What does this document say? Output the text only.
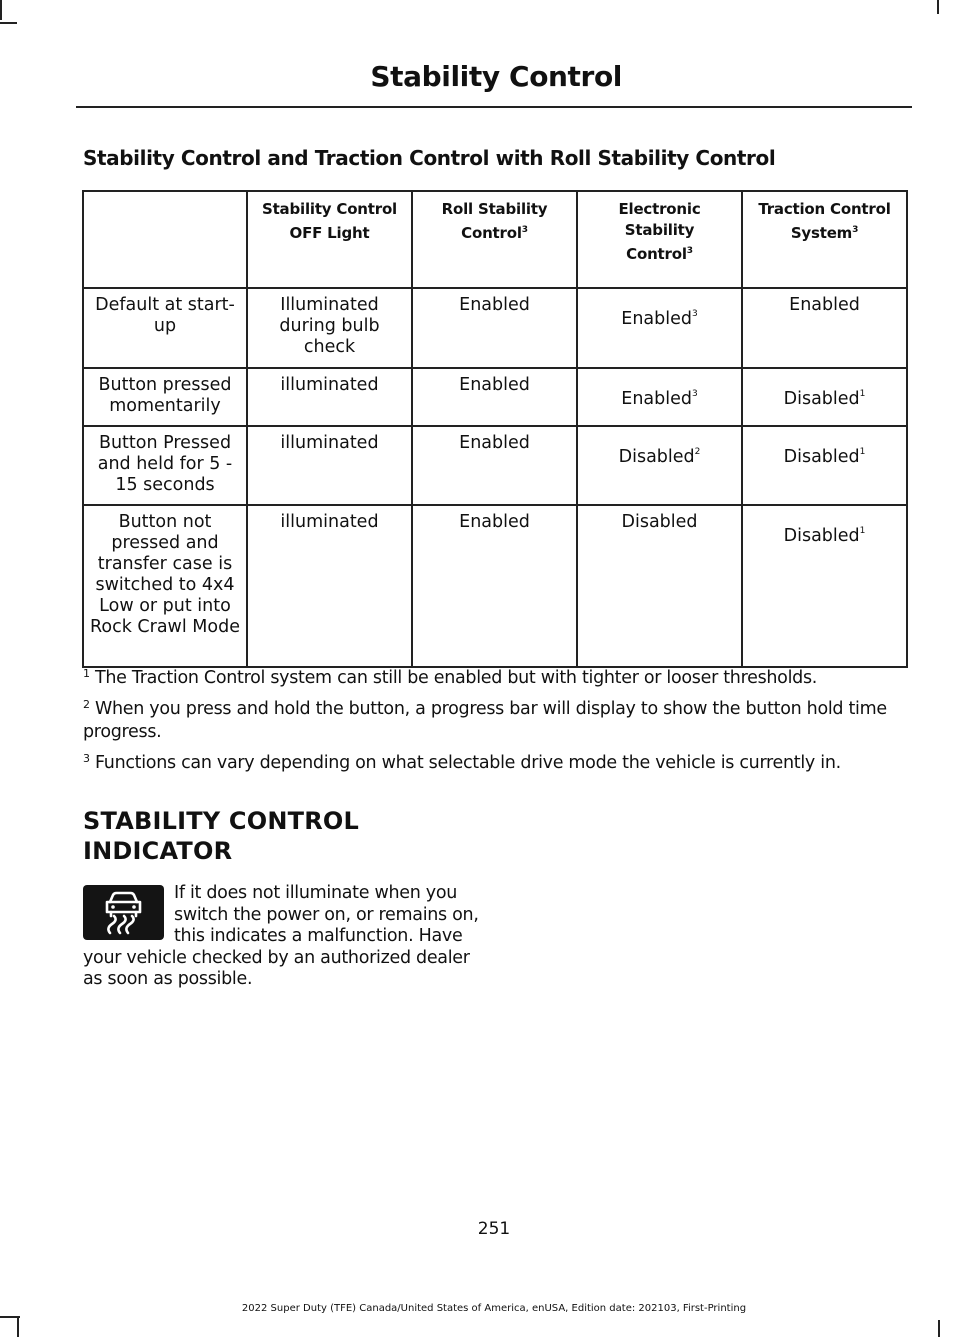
Stability Control
Stability Control and Traction Control with Roll Stability Control
	Stability Control OFF Light	Roll Stability Control$^3$	Electronic Stability Control$^3$	Traction Control System$^3$
Default at start-up	Illuminated during bulb check	Enabled	Enabled$^3$	Enabled
Button pressed momentarily	illuminated	Enabled	Enabled$^3$	Disabled$^1$
Button Pressed and held for 5 - 15 seconds	illuminated	Enabled	Disabled$^2$	Disabled$^1$
Button not pressed and transfer case is switched to 4x4 Low or put into Rock Crawl Mode	illuminated	Enabled	Disabled	Disabled$^1$

$^1$ The Traction Control system can still be enabled but with tighter or looser thresholds.

$^2$ When you press and hold the button, a progress bar will display to show the button hold time progress.

$^3$ Functions can vary depending on what selectable drive mode the vehicle is currently in.

STABILITY CONTROL
INDICATOR
If it does not illuminate when you switch the power on, or remains on, this indicates a malfunction. Have your vehicle checked by an authorized dealer as soon as possible.
251
2022 Super Duty (TFE) Canada/United States of America, enUSA, Edition date: 202103, First-Printing
